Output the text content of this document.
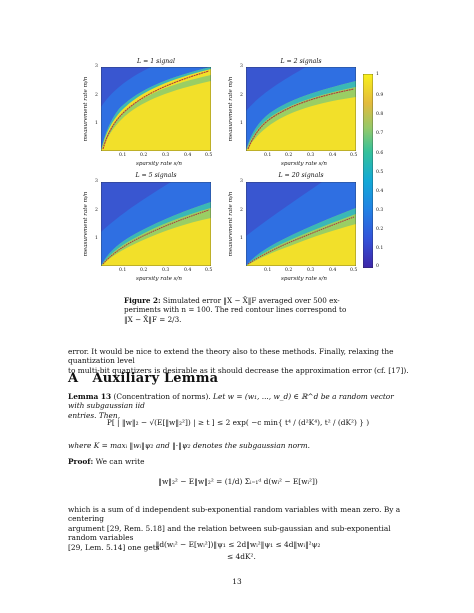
L = 1 signal	L = 2 signals
L = 5 signals	L = 20 signals
3
2
1
3
2
1
3
2
1
3
2
1
0.1	0.2	0.3	0.4	0.5	0.1	0.2	0.3	0.4	0.5
0.1	0.2	0.3	0.4	0.5	0.1	0.2	0.3	0.4	0.5
sparsity rate s/n	sparsity rate s/n
sparsity rate s/n	sparsity rate s/n
measurement rate m/n	measurement rate m/n
measurement rate m/n	measurement rate m/n
1
0.9
0.8
0.7
0.6
0.5
0.4
0.3
0.2
0.1
0
Figure 2: Simulated error ‖X − X̂‖F averaged over 500 ex-
periments with n = 100. The red contour lines correspond to
‖X − X̂‖F = 2/3.
error. It would be nice to extend the theory also to these methods. Finally, relaxing the quantization level
to multi-bit quantizers is desirable as it should decrease the approximation error (cf. [17]).
A Auxiliary Lemma
Lemma 13 (Concentration of norms). Let w = (w₁, ..., w_d) ∈ ℝ^d be a random vector with subgaussian iid
entries. Then,
P[ | ‖w‖₂ − √(E[‖w‖₂²]) | ≥ t ] ≤ 2 exp( −c min{ t⁴ / (d²K⁴), t² / (dK²) } )
where K = maxᵢ ‖wᵢ‖ψ₂ and ‖·‖ψ₂ denotes the subgaussian norm.
Proof: We can write
‖w‖₂² − E‖w‖₂² = (1/d) Σᵢ₌₁ᵈ d(wᵢ² − E[wᵢ²])
which is a sum of d independent sub-exponential random variables with mean zero. By a centering
argument [29, Rem. 5.18] and the relation between sub-gaussian and sub-exponential random variables
[29, Lem. 5.14] one gets
‖d(wᵢ² − E[wᵢ²])‖ψ₁ ≤ 2d‖wᵢ²‖ψ₁ ≤ 4d‖wᵢ‖²ψ₂
≤ 4dK².
13
